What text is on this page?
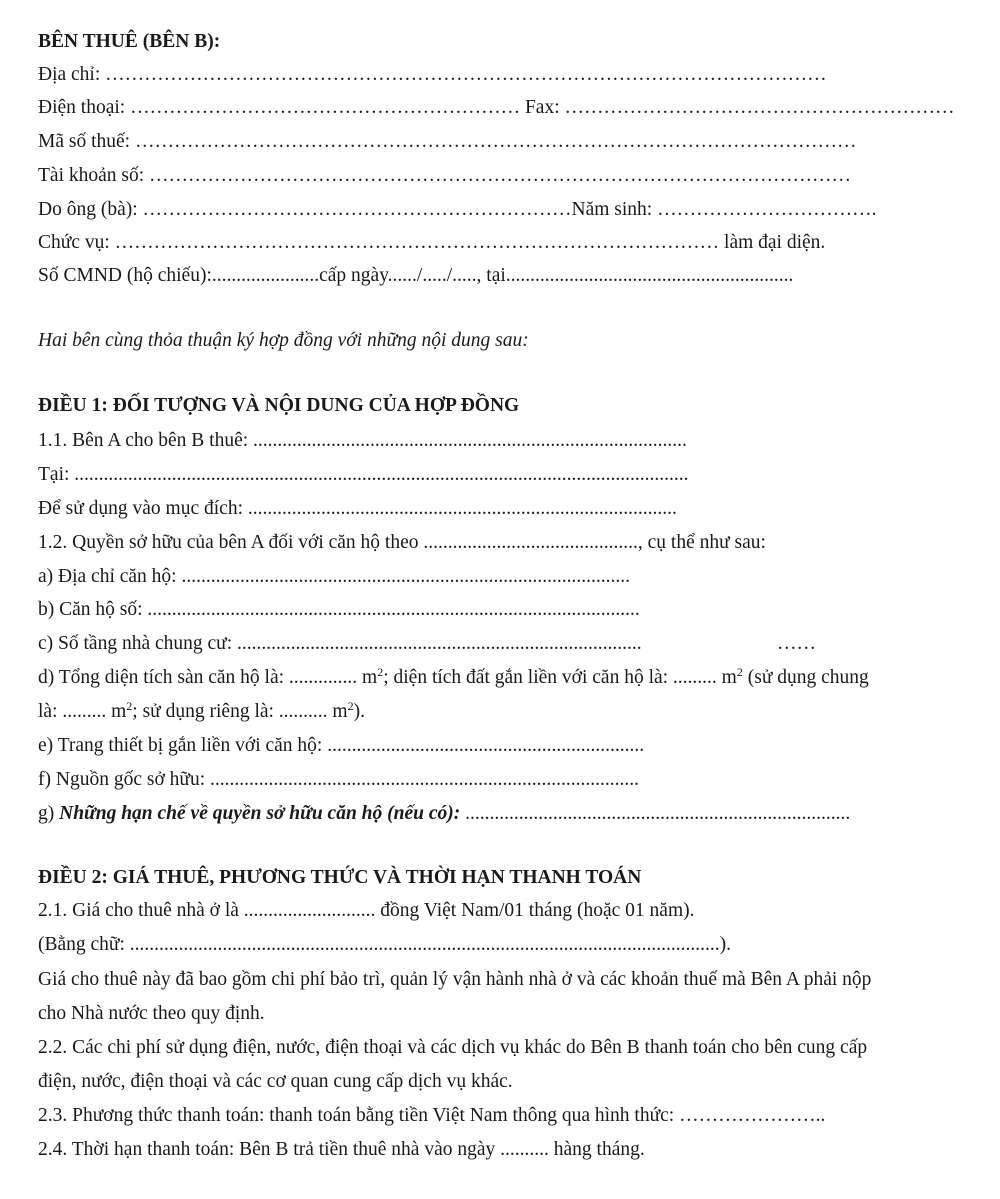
BÊN THUÊ (BÊN B):
Địa chỉ: …………………………………………………………………………………………………
Điện thoại: …………………………………………………… Fax: ……………………………………………………
Mã số thuế: …………………………………………………………………………………………………
Tài khoản số: ………………………………………………………………………………………………
Do ông (bà): …………………………………………………………Năm sinh: …………………………….
Chức vụ: ………………………………………………………………………………… làm đại diện.
Số CMND (hộ chiếu):......................cấp ngày....../...../....., tại...........................................................
Hai bên cùng thỏa thuận ký hợp đồng với những nội dung sau:
ĐIỀU 1: ĐỐI TƯỢNG VÀ NỘI DUNG CỦA HỢP ĐỒNG
1.1. Bên A cho bên B thuê: .........................................................................................
Tại: ..............................................................................................................................
Để sử dụng vào mục đích: ........................................................................................
1.2. Quyền sở hữu của bên A đối với căn hộ theo ............................................, cụ thể như sau:
a) Địa chỉ căn hộ: ............................................................................................
b) Căn hộ số: .....................................................................................................
c) Số tầng nhà chung cư: ...................................................................................	……
d) Tổng diện tích sàn căn hộ là: .............. $m^2$; diện tích đất gắn liền với căn hộ là: ......... $m^2$ (sử dụng chung
là: ......... $m^2$; sử dụng riêng là: .......... $m^2$).
e) Trang thiết bị gắn liền với căn hộ: .................................................................
f) Nguồn gốc sở hữu: ........................................................................................
g) Những hạn chế về quyền sở hữu căn hộ (nếu có): ...............................................................................
ĐIỀU 2: GIÁ THUÊ, PHƯƠNG THỨC VÀ THỜI HẠN THANH TOÁN
2.1. Giá cho thuê nhà ở là ........................... đồng Việt Nam/01 tháng (hoặc 01 năm).
(Bằng chữ: .........................................................................................................................).
Giá cho thuê này đã bao gồm chi phí bảo trì, quản lý vận hành nhà ở và các khoản thuế mà Bên A phải nộp
cho Nhà nước theo quy định.
2.2. Các chi phí sử dụng điện, nước, điện thoại và các dịch vụ khác do Bên B thanh toán cho bên cung cấp
điện, nước, điện thoại và các cơ quan cung cấp dịch vụ khác.
2.3. Phương thức thanh toán: thanh toán bằng tiền Việt Nam thông qua hình thức: …………………..
2.4. Thời hạn thanh toán: Bên B trả tiền thuê nhà vào ngày .......... hàng tháng.
